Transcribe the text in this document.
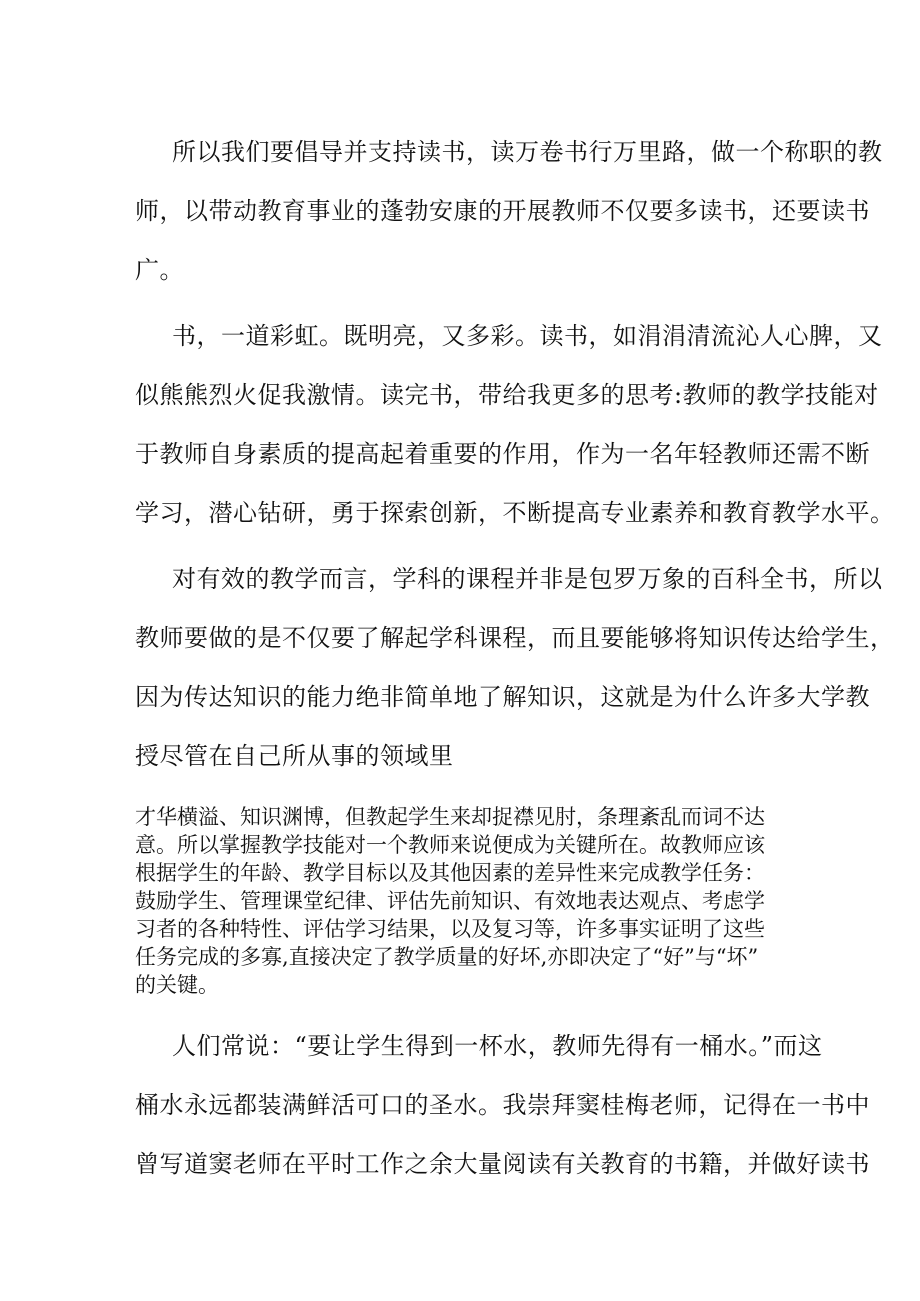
所以我们要倡导并支持读书，读万卷书行万里路，做一个称职的教
师，以带动教育事业的蓬勃安康的开展教师不仅要多读书，还要读书
广。
书，一道彩虹。既明亮，又多彩。读书，如涓涓清流沁人心脾，又
似熊熊烈火促我激情。读完书，带给我更多的思考:教师的教学技能对
于教师自身素质的提高起着重要的作用，作为一名年轻教师还需不断
学习，潜心钻研，勇于探索创新，不断提高专业素养和教育教学水平。
对有效的教学而言，学科的课程并非是包罗万象的百科全书，所以
教师要做的是不仅要了解起学科课程，而且要能够将知识传达给学生，
因为传达知识的能力绝非简单地了解知识，这就是为什么许多大学教
授尽管在自己所从事的领域里
才华横溢、知识渊博，但教起学生来却捉襟见肘，条理紊乱而词不达
意。所以掌握教学技能对一个教师来说便成为关键所在。故教师应该
根据学生的年龄、教学目标以及其他因素的差异性来完成教学任务：
鼓励学生、管理课堂纪律、评估先前知识、有效地表达观点、考虑学
习者的各种特性、评估学习结果，以及复习等，许多事实证明了这些
任务完成的多寡,直接决定了教学质量的好坏,亦即决定了“好”与“坏”
的关键。
人们常说：“要让学生得到一杯水，教师先得有一桶水。”而这
桶水永远都装满鲜活可口的圣水。我崇拜窦桂梅老师，记得在一书中
曾写道窦老师在平时工作之余大量阅读有关教育的书籍，并做好读书
